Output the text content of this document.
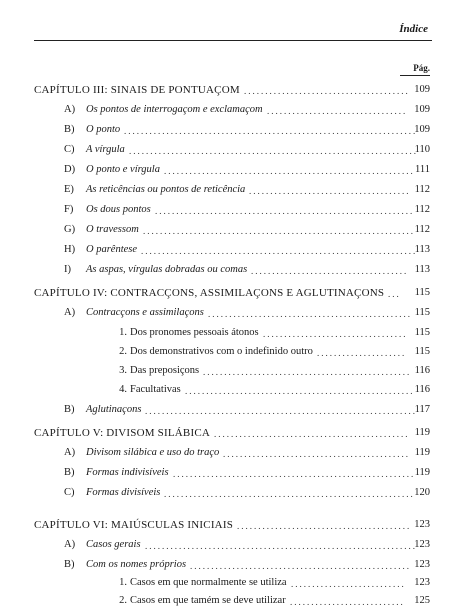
Índice
Pág.
CAPÍTULO III: SINAIS DE PONTUAÇOM	109
.......................................
A) Os pontos de interrogaçom e exclamaçom	109
.................................
B)	O ponto	109
.....................................................................
C)	A vírgula	110
....................................................................
D) O ponto e vírgula	111
...........................................................
E)	As reticências ou pontos de reticência	112
......................................
F)	Os dous pontos	112
.............................................................
G) O travessom	112
................................................................
H) O parêntese	113
.................................................................
I)	As aspas, vírgulas dobradas ou comas	113
.....................................
CAPÍTULO IV: CONTRACÇONS, ASSIMILAÇONS E AGLUTINAÇONS	115
...
A) Contracçons e assimilaçons	115
................................................
1. Dos pronomes pessoais átonos	115
..................................
2. Dos demonstrativos com o indefinido outro	115
.....................
3. Das preposiçons	116
.................................................
4. Facultativas	116
......................................................
B)	Aglutinaçons	117
................................................................
CAPÍTULO V: DIVISOM SILÁBICA	119
..............................................
A) Divisom silábica e uso do traço	119
............................................
B)	Formas indivisíveis	119
.........................................................
C)	Formas divisíveis	120
...........................................................
CAPÍTULO VI: MAIÚSCULAS INICIAIS	123
.........................................
A) Casos gerais	123
................................................................
B)	Com os nomes próprios	123
....................................................
1. Casos em que normalmente se utiliza	123
...........................
2. Casos em que tamém se deve utilizar	125
...........................
